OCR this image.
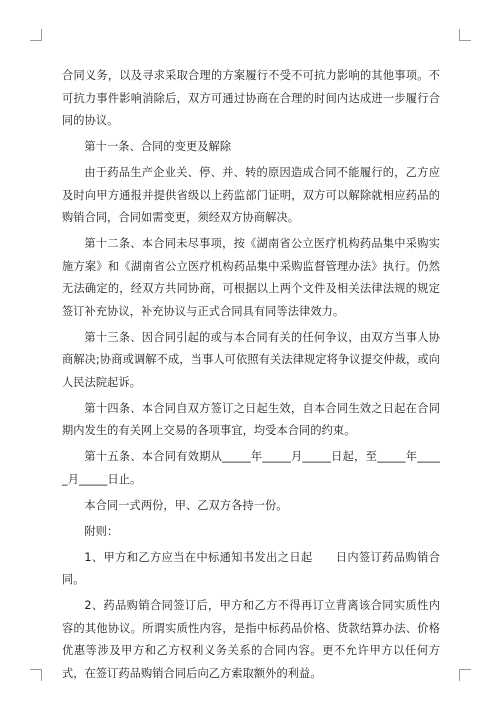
合同义务，以及寻求采取合理的方案履行不受不可抗力影响的其他事项。不可抗力事件影响消除后，双方可通过协商在合理的时间内达成进一步履行合同的协议。

第十一条、合同的变更及解除

由于药品生产企业关、停、并、转的原因造成合同不能履行的，乙方应及时向甲方通报并提供省级以上药监部门证明，双方可以解除就相应药品的购销合同，合同如需变更，须经双方协商解决。

第十二条、本合同未尽事项，按《湖南省公立医疗机构药品集中采购实施方案》和《湖南省公立医疗机构药品集中采购监督管理办法》执行。仍然无法确定的，经双方共同协商，可根据以上两个文件及相关法律法规的规定签订补充协议，补充协议与正式合同具有同等法律效力。

第十三条、因合同引起的或与本合同有关的任何争议，由双方当事人协商解决;协商或调解不成，当事人可依照有关法律规定将争议提交仲裁，或向人民法院起诉。

第十四条、本合同自双方签订之日起生效，自本合同生效之日起在合同期内发生的有关网上交易的各项事宜，均受本合同的约束。

第十五条、本合同有效期从_____年_____月_____日起，至_____年_____月_____日止。

本合同一式两份，甲、乙双方各持一份。

附则：

1、甲方和乙方应当在中标通知书发出之日起　　日内签订药品购销合同。

2、药品购销合同签订后，甲方和乙方不得再订立背离该合同实质性内容的其他协议。所谓实质性内容，是指中标药品价格、货款结算办法、价格优惠等涉及甲方和乙方权利义务关系的合同内容。更不允许甲方以任何方式，在签订药品购销合同后向乙方索取额外的利益。
